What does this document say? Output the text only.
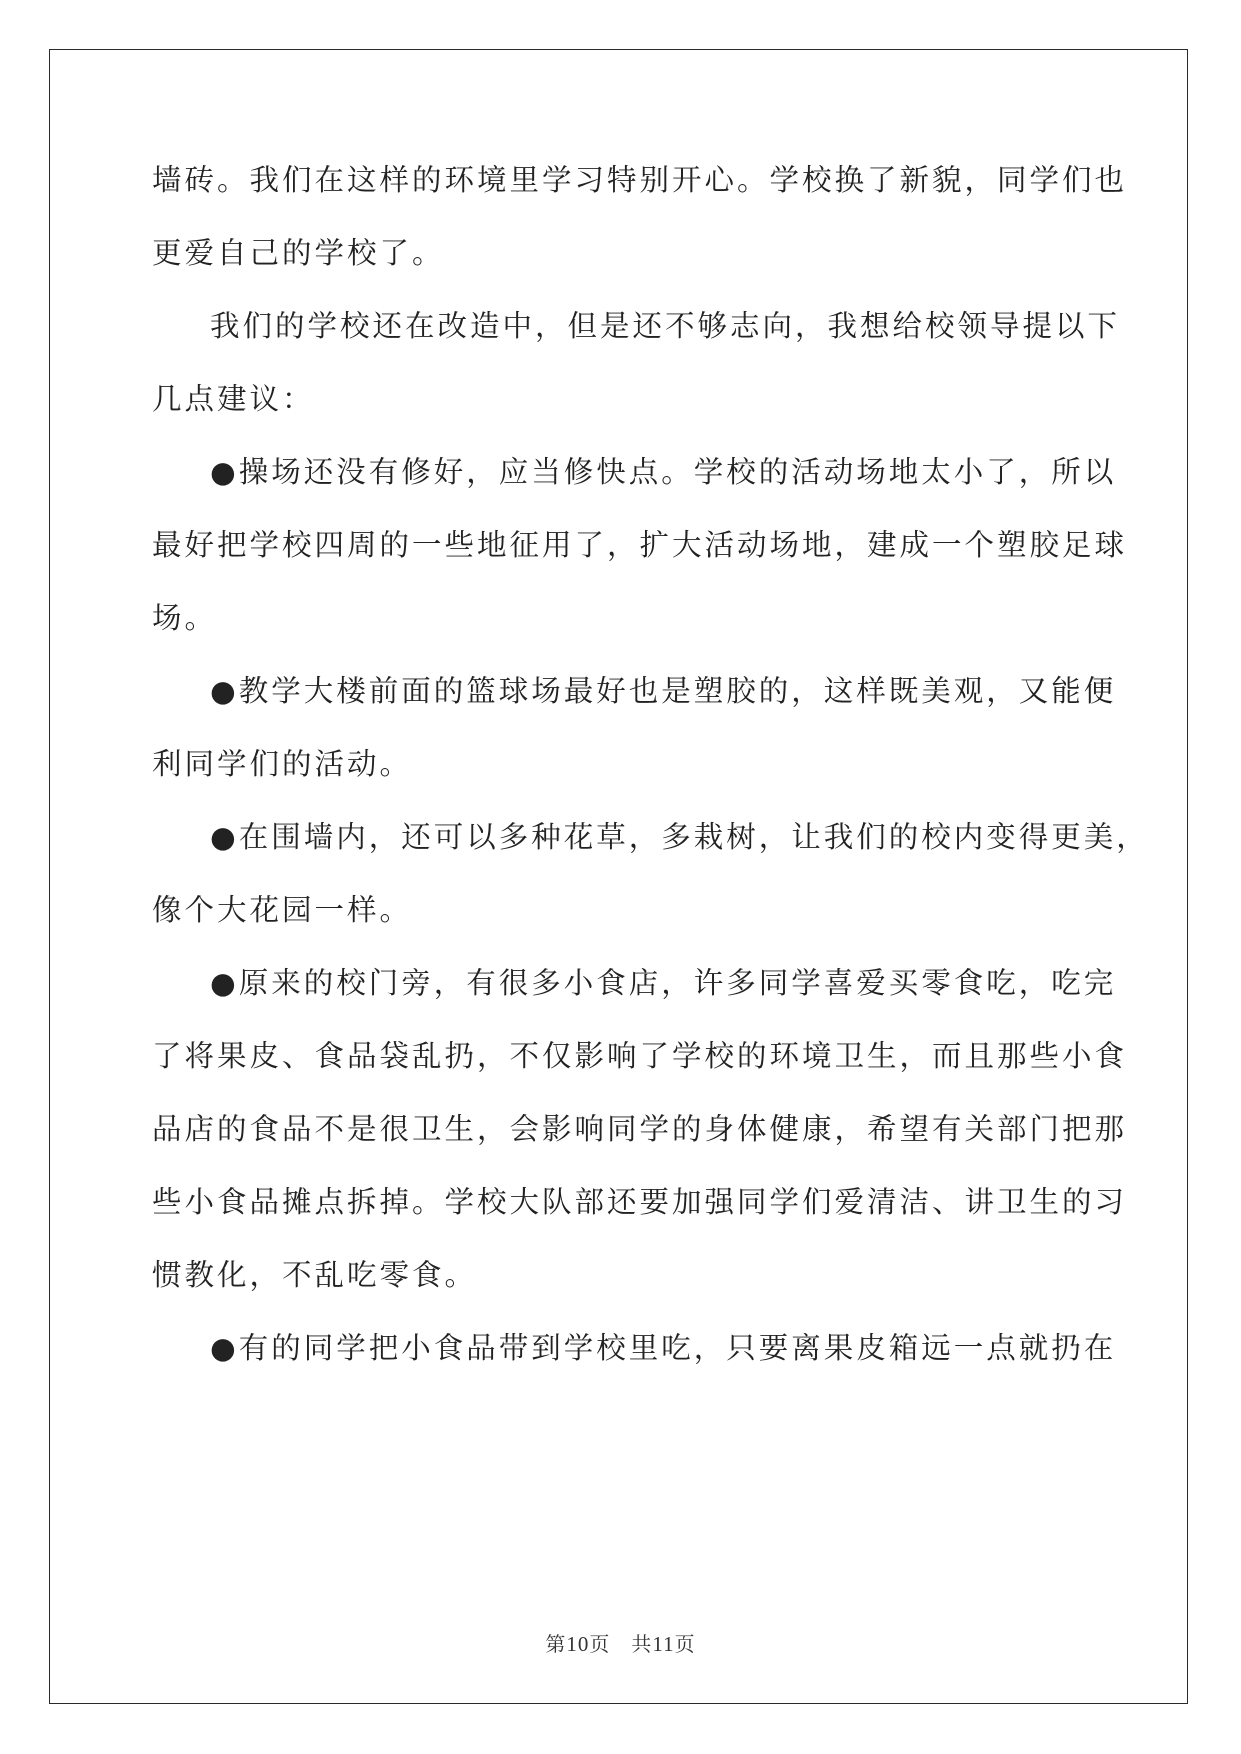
墙砖。我们在这样的环境里学习特别开心。学校换了新貌，同学们也
更爱自己的学校了。
我们的学校还在改造中，但是还不够志向，我想给校领导提以下
几点建议：
●操场还没有修好，应当修快点。学校的活动场地太小了，所以
最好把学校四周的一些地征用了，扩大活动场地，建成一个塑胶足球
场。
●教学大楼前面的篮球场最好也是塑胶的，这样既美观，又能便
利同学们的活动。
●在围墙内，还可以多种花草，多栽树，让我们的校内变得更美，
像个大花园一样。
●原来的校门旁，有很多小食店，许多同学喜爱买零食吃，吃完
了将果皮、食品袋乱扔，不仅影响了学校的环境卫生，而且那些小食
品店的食品不是很卫生，会影响同学的身体健康，希望有关部门把那
些小食品摊点拆掉。学校大队部还要加强同学们爱清洁、讲卫生的习
惯教化，不乱吃零食。
●有的同学把小食品带到学校里吃，只要离果皮箱远一点就扔在
第10页　共11页
